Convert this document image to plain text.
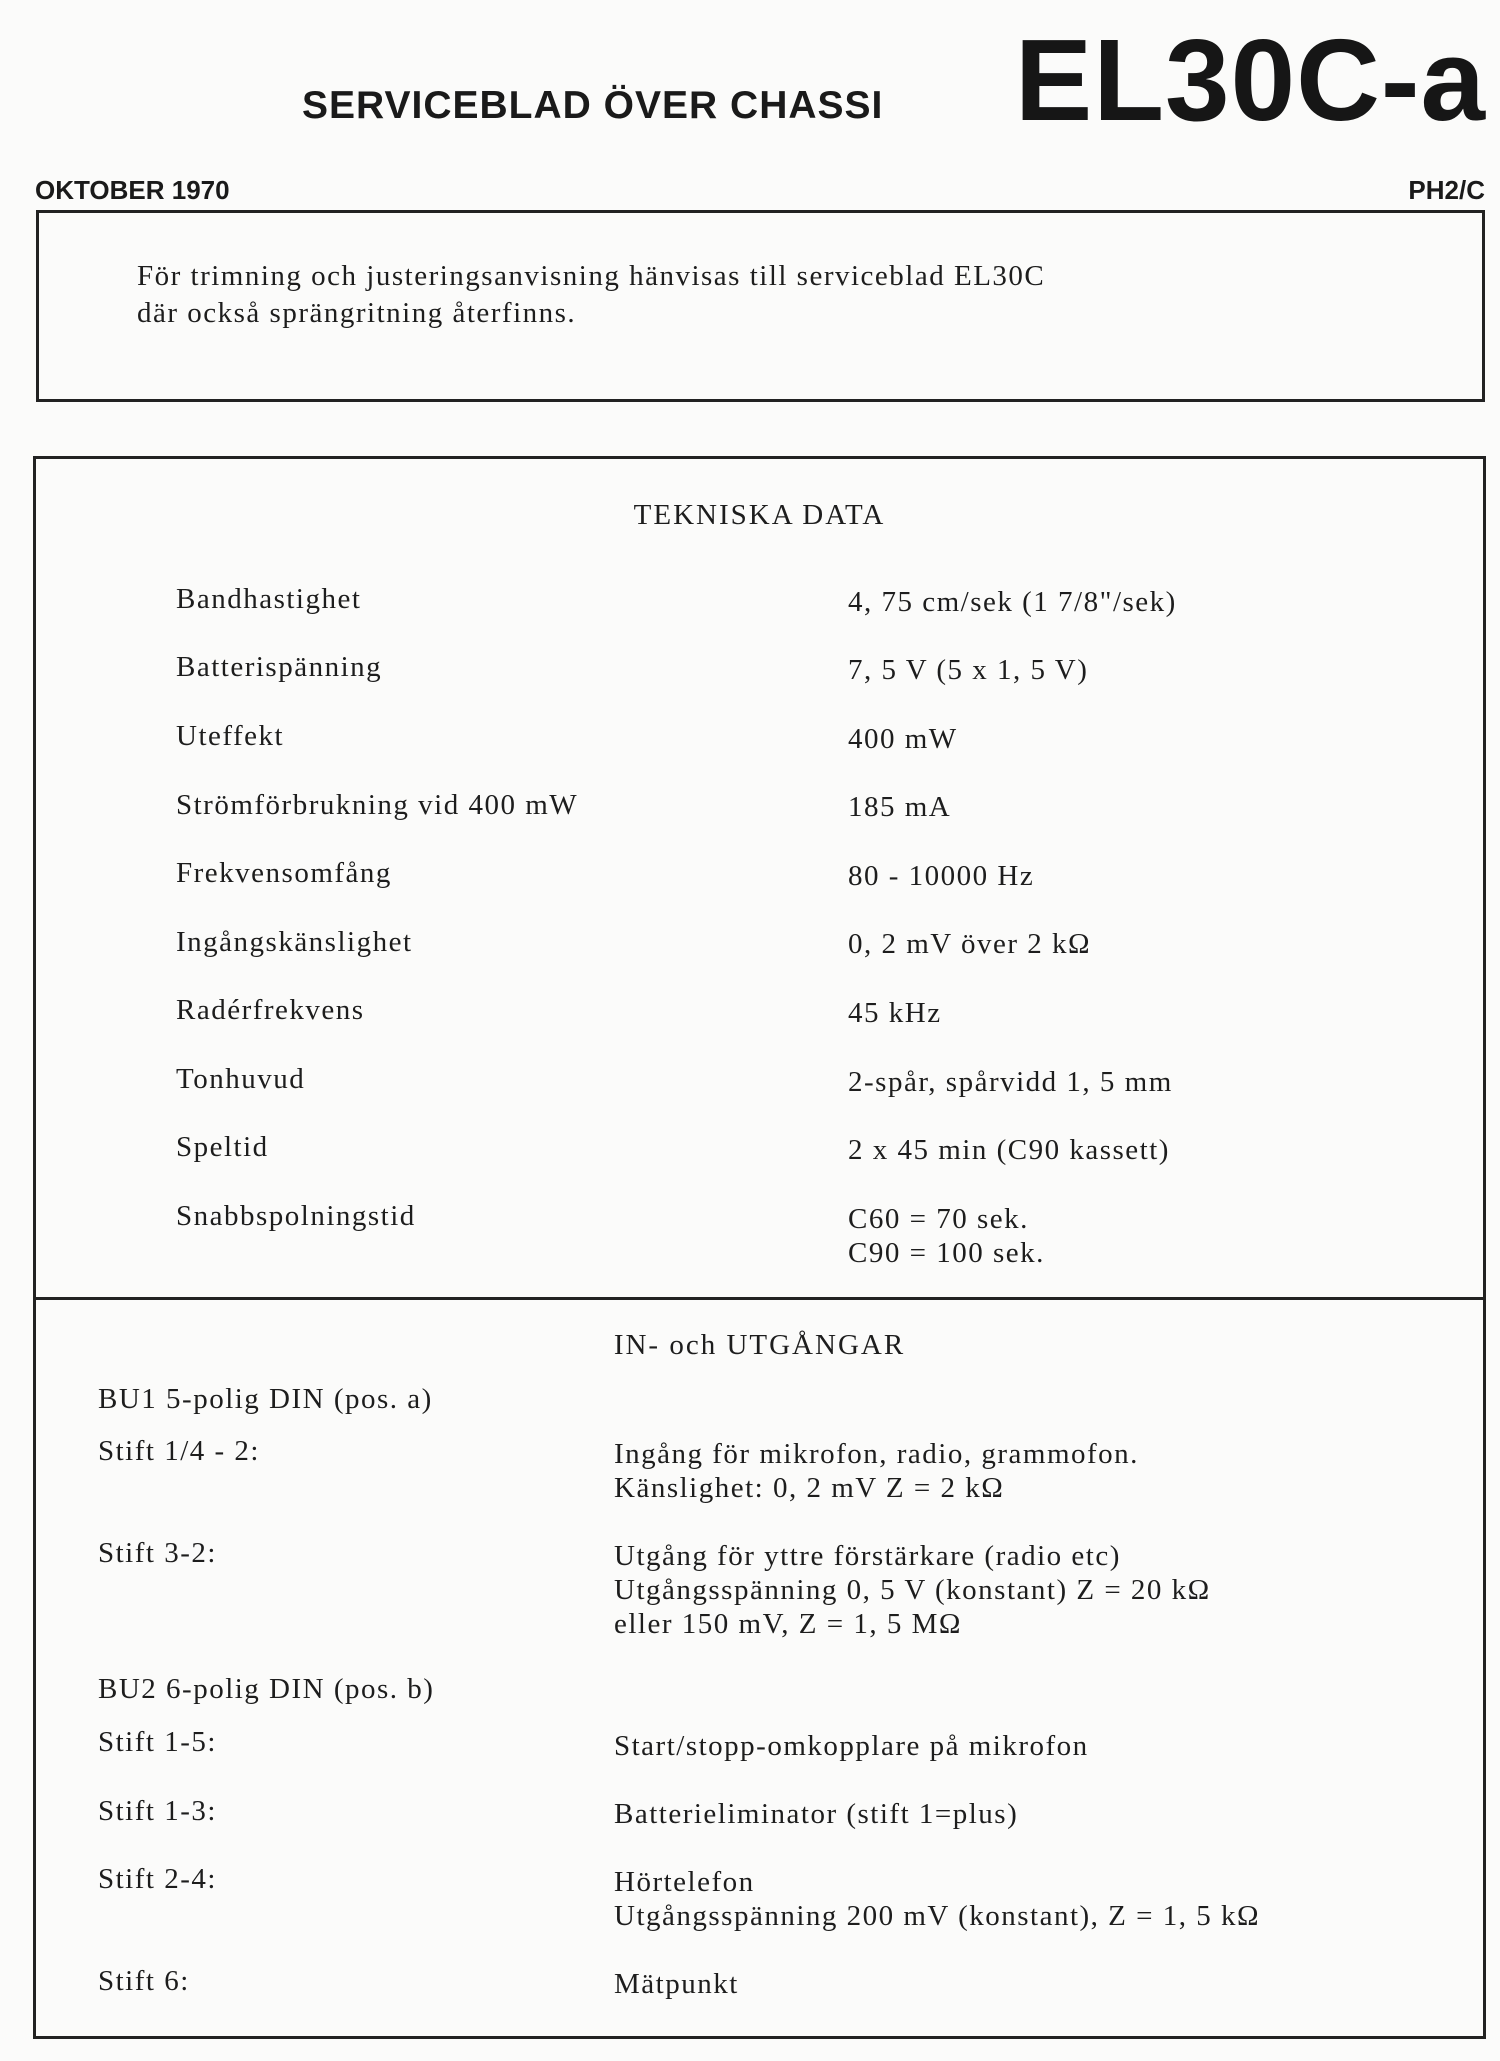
SERVICEBLAD ÖVER CHASSI EL30C-a

OKTOBER 1970	PH2/C

För trimning och justeringsanvisning hänvisas till serviceblad EL30C
där också sprängritning återfinns.

TEKNISKA DATA

Bandhastighet	4, 75 cm/sek (1 7/8"/sek)

Batterispänning	7, 5 V (5 x 1, 5 V)

Uteffekt	400 mW

Strömförbrukning vid 400 mW	185 mA

Frekvensomfång	80 - 10000 Hz

Ingångskänslighet	0, 2 mV över 2 kΩ

Radérfrekvens	45 kHz

Tonhuvud	2-spår, spårvidd 1, 5 mm

Speltid	2 x 45 min (C90 kassett)

Snabbspolningstid	C60 = 70 sek.
C90 = 100 sek.
IN- och UTGÅNGAR

BU1 5-polig DIN (pos. a)

Stift 1/4 - 2:	Ingång för mikrofon, radio, grammofon.
Känslighet: 0, 2 mV Z = 2 kΩ

Stift 3-2:	Utgång för yttre förstärkare (radio etc)
Utgångsspänning 0, 5 V (konstant) Z = 20 kΩ
eller 150 mV, Z = 1, 5 MΩ

BU2 6-polig DIN (pos. b)

Stift 1-5:	Start/stopp-omkopplare på mikrofon

Stift 1-3:	Batterieliminator (stift 1=plus)

Stift 2-4:	Hörtelefon
Utgångsspänning 200 mV (konstant), Z = 1, 5 kΩ

Stift 6:	Mätpunkt
